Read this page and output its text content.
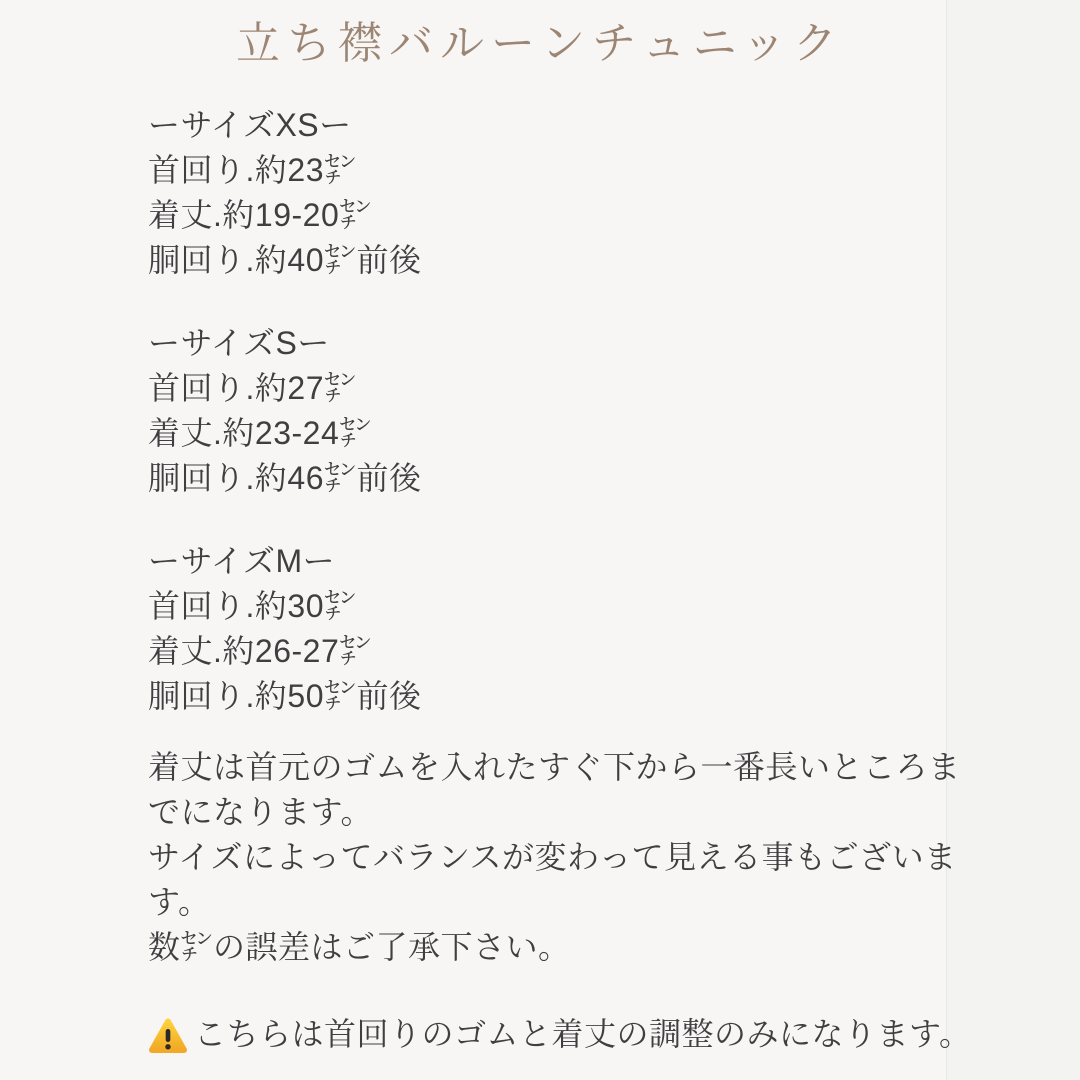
立ち襟バルーンチュニック
ーサイズXSー
首回り.約23㌢
着丈.約19-20㌢
胴回り.約40㌢前後
ーサイズSー
首回り.約27㌢
着丈.約23-24㌢
胴回り.約46㌢前後
ーサイズMー
首回り.約30㌢
着丈.約26-27㌢
胴回り.約50㌢前後

着丈は首元のゴムを入れたすぐ下から一番長いところまでになります。

サイズによってバランスが変わって見える事もございます。

数㌢の誤差はご了承下さい。

こちらは首回りのゴムと着丈の調整のみになります。
